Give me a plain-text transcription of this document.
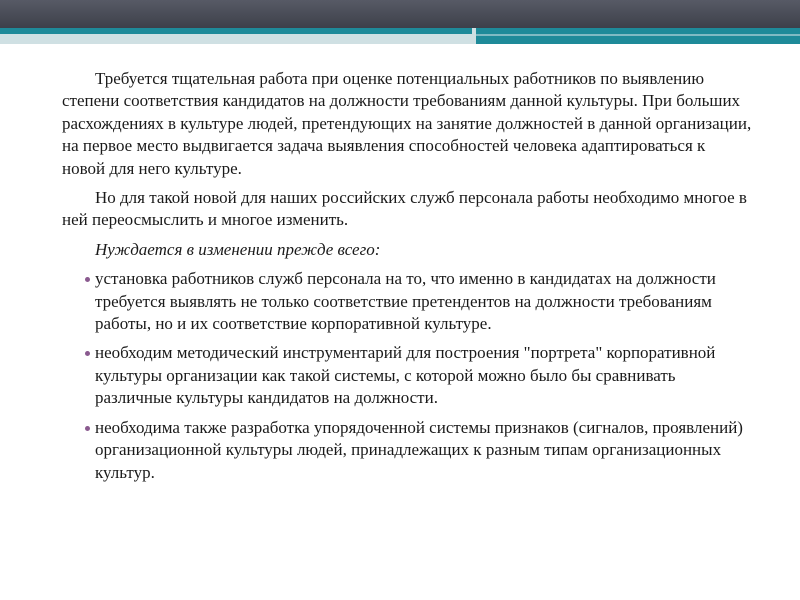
Требуется тщательная работа при оценке потенциальных работников по выявлению степени соответствия кандидатов на должности требованиям данной культуры. При больших расхождениях в культуре людей, претендующих на занятие должностей в данной организации, на первое место выдвигается задача выявления способностей человека адаптироваться к новой для него культуре.

Но для такой новой для наших российских служб персонала работы необходимо многое в ней переосмыслить и многое изменить.

Нуждается в изменении прежде всего:

установка работников служб персонала на то, что именно в кандидатах на должности требуется выявлять не только соответствие претендентов на должности требованиям работы, но и их соответствие корпоративной культуре.
необходим методический инструментарий для построения "портрета" корпоративной культуры организации как такой системы, с которой можно было бы сравнивать различные культуры кандидатов на должности.
необходима также разработка упорядоченной системы признаков (сигналов, проявлений) организационной культуры людей, принадлежащих к разным типам организационных культур.
